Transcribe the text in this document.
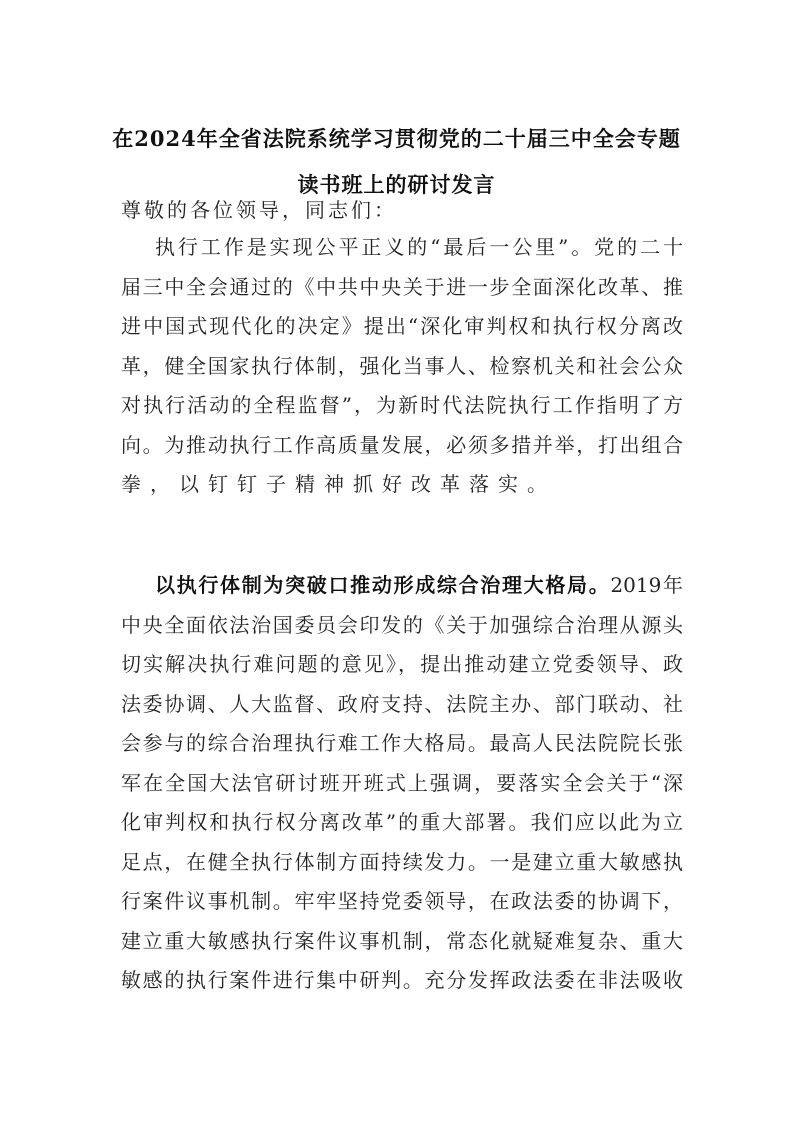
在2024年全省法院系统学习贯彻党的二十届三中全会专题
读书班上的研讨发言
尊敬的各位领导，同志们：
执行工作是实现公平正义的“最后一公里”。党的二十
届三中全会通过的《中共中央关于进一步全面深化改革、推
进中国式现代化的决定》提出“深化审判权和执行权分离改
革，健全国家执行体制，强化当事人、检察机关和社会公众
对执行活动的全程监督”，为新时代法院执行工作指明了方
向。为推动执行工作高质量发展，必须多措并举，打出组合
拳，以钉钉子精神抓好改革落实。
以执行体制为突破口推动形成综合治理大格局。2019年
中央全面依法治国委员会印发的《关于加强综合治理从源头
切实解决执行难问题的意见》，提出推动建立党委领导、政
法委协调、人大监督、政府支持、法院主办、部门联动、社
会参与的综合治理执行难工作大格局。最高人民法院院长张
军在全国大法官研讨班开班式上强调，要落实全会关于“深
化审判权和执行权分离改革”的重大部署。我们应以此为立
足点，在健全执行体制方面持续发力。一是建立重大敏感执
行案件议事机制。牢牢坚持党委领导，在政法委的协调下，
建立重大敏感执行案件议事机制，常态化就疑难复杂、重大
敏感的执行案件进行集中研判。充分发挥政法委在非法吸收
